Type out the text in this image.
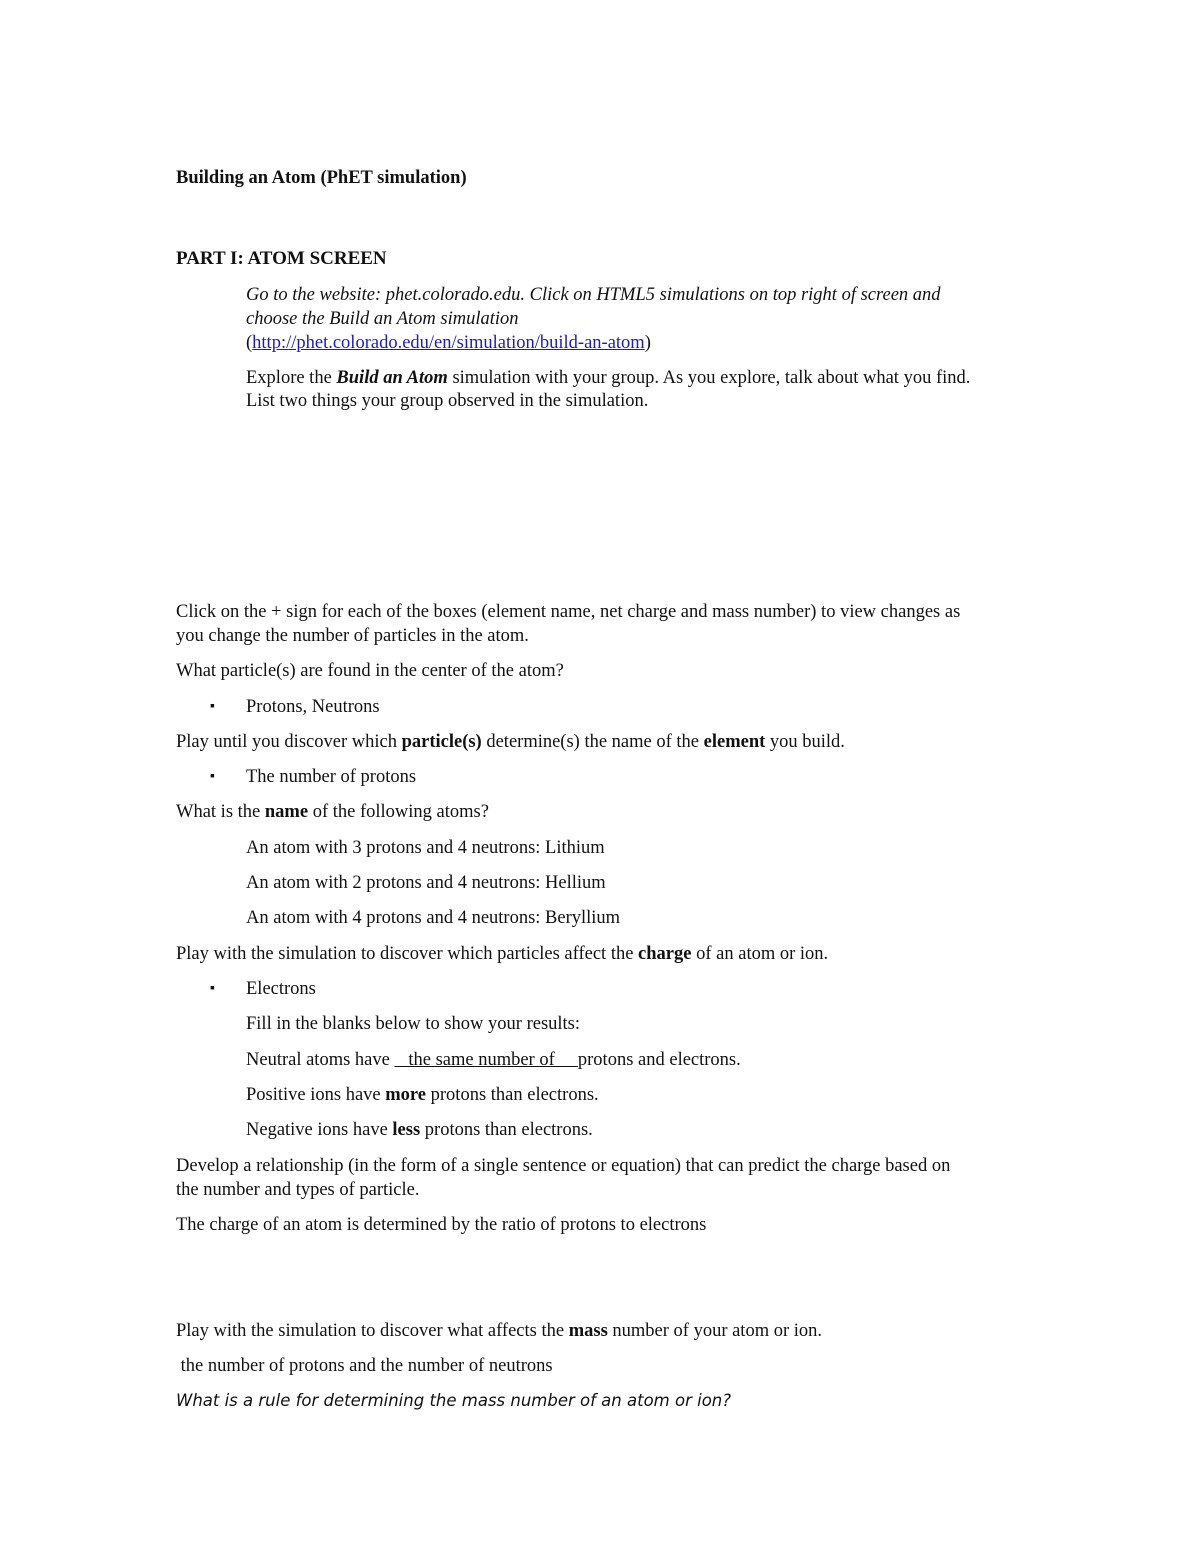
Building an Atom (PhET simulation)
PART I: ATOM SCREEN
Go to the website: phet.colorado.edu. Click on HTML5 simulations on top right of screen and
choose the Build an Atom simulation
(http://phet.colorado.edu/en/simulation/build-an-atom)
Explore the Build an Atom simulation with your group. As you explore, talk about what you find.
List two things your group observed in the simulation.
Click on the + sign for each of the boxes (element name, net charge and mass number) to view changes as
you change the number of particles in the atom.
What particle(s) are found in the center of the atom?
▪ Protons, Neutrons
Play until you discover which particle(s) determine(s) the name of the element you build.
▪ The number of protons
What is the name of the following atoms?
An atom with 3 protons and 4 neutrons: Lithium
An atom with 2 protons and 4 neutrons: Hellium
An atom with 4 protons and 4 neutrons: Beryllium
Play with the simulation to discover which particles affect the charge of an atom or ion.
▪ Electrons
Fill in the blanks below to show your results:
Neutral atoms have    the same number of     protons and electrons.
Positive ions have more protons than electrons.
Negative ions have less protons than electrons.
Develop a relationship (in the form of a single sentence or equation) that can predict the charge based on
the number and types of particle.
The charge of an atom is determined by the ratio of protons to electrons
Play with the simulation to discover what affects the mass number of your atom or ion.
the number of protons and the number of neutrons
What is a rule for determining the mass number of an atom or ion?
